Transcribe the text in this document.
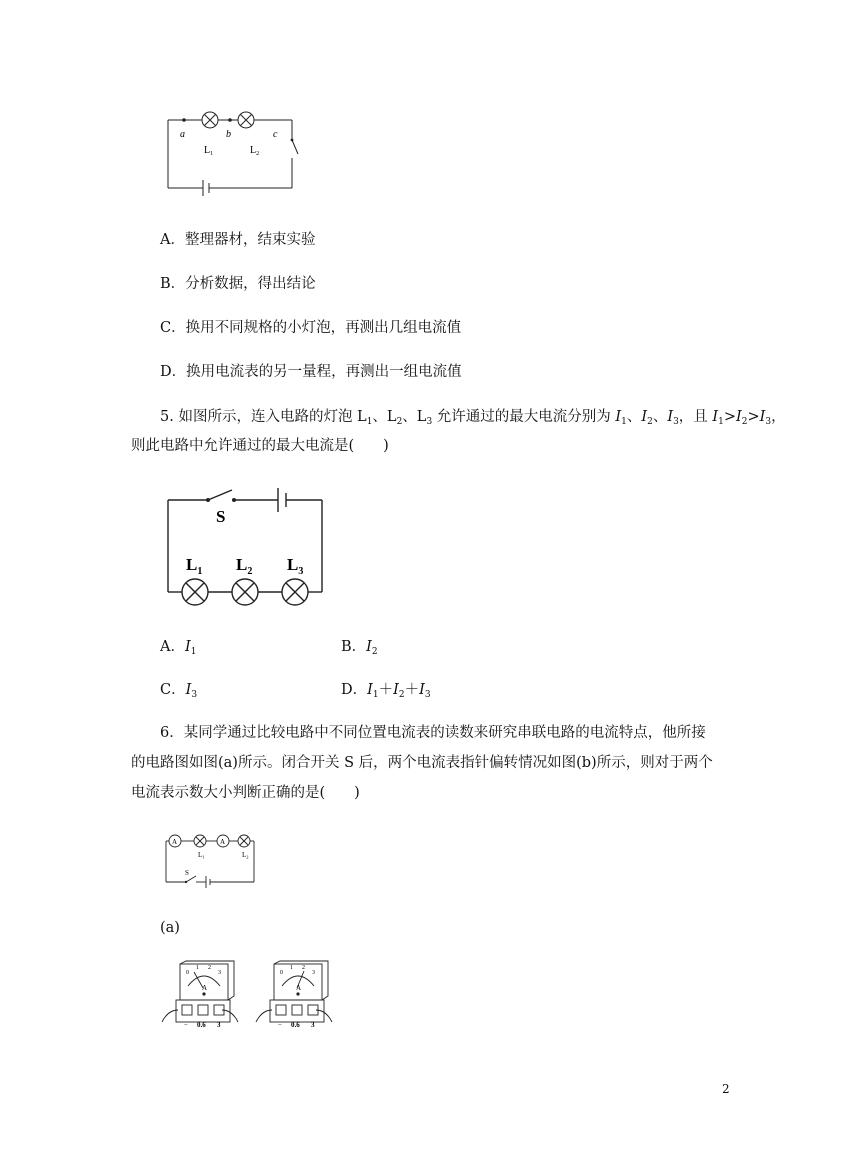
a	b	c
$L_1$	$L_2$
A．整理器材，结束实验
B．分析数据，得出结论
C．换用不同规格的小灯泡，再测出几组电流值
D．换用电流表的另一量程，再测出一组电流值
5. 如图所示，连入电路的灯泡 $L_1$、$L_2$、$L_3$ 允许通过的最大电流分别为 $I_1$、$I_2$、$I_3$，且 $I_1>I_2>I_3$，
则此电路中允许通过的最大电流是(　　)
S
$L_1$ $L_2$ $L_3$
A．$I_1$	B．$I_2$
C．$I_3$	D．$I_1+I_2+I_3$
6．某同学通过比较电路中不同位置电流表的读数来研究串联电路的电流特点，他所接
的电路图如图(a)所示。闭合开关 S 后，两个电流表指针偏转情况如图(b)所示，则对于两个
电流表示数大小判断正确的是(　　)
A	A
$L_1$	$L_2$
S
(a)
0
1 2
3
A
− 0.6 3
0
1 2
3
A
− 0.6 3
2
